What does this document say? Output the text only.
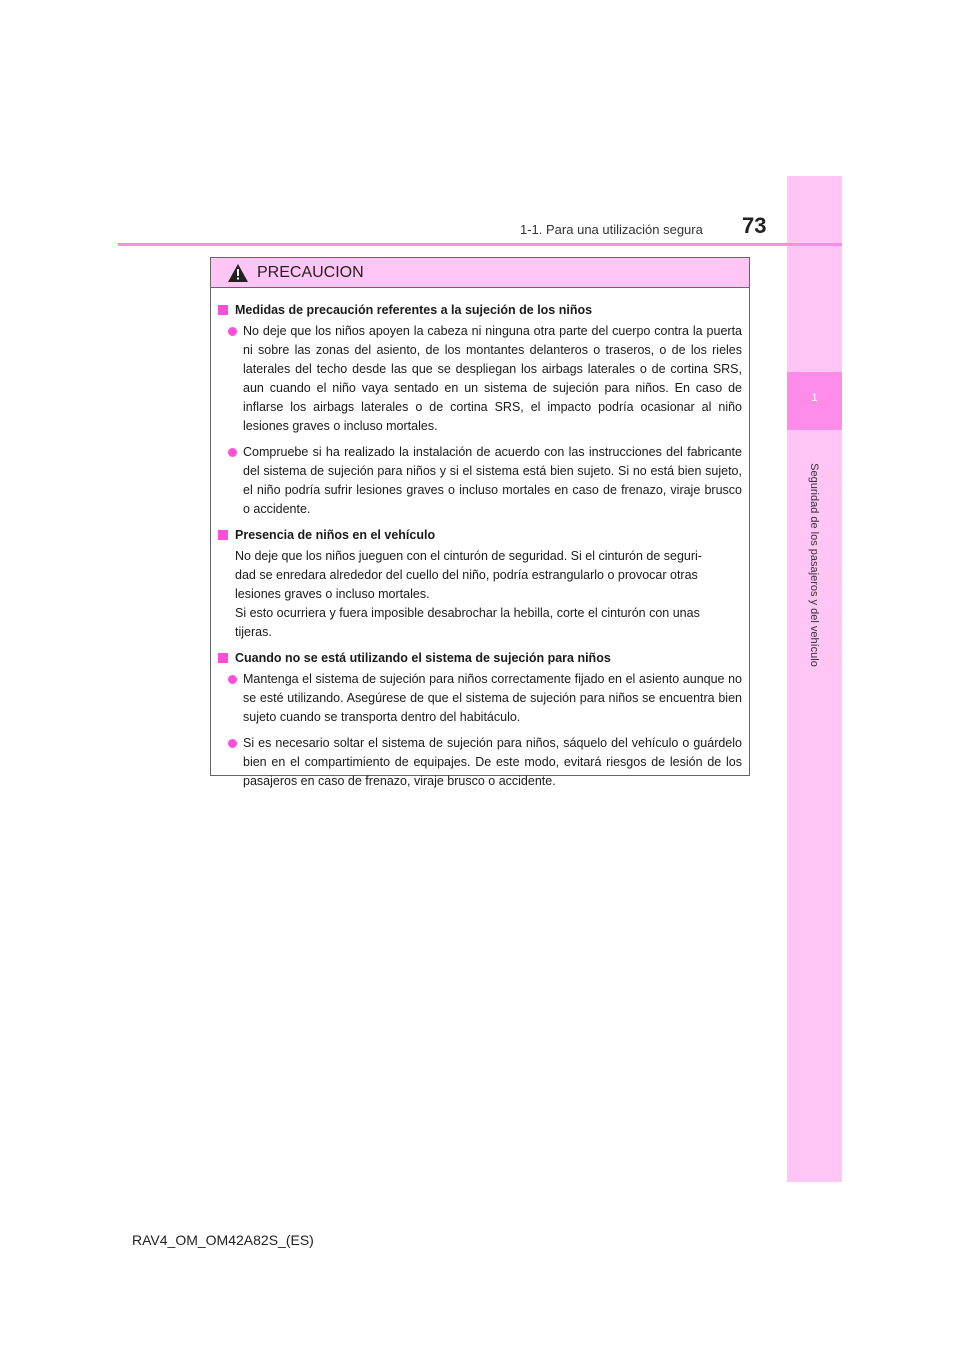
1
Seguridad de los pasajeros y del vehículo
1-1. Para una utilización segura 73
PRECAUCION
Medidas de precaución referentes a la sujeción de los niños
No deje que los niños apoyen la cabeza ni ninguna otra parte del cuerpo contra la puerta ni sobre las zonas del asiento, de los montantes delanteros o traseros, o de los rieles laterales del techo desde las que se despliegan los airbags laterales o de cortina SRS, aun cuando el niño vaya sentado en un sistema de sujeción para niños. En caso de inflarse los airbags laterales o de cortina SRS, el impacto podría ocasionar al niño lesiones graves o incluso mortales.
Compruebe si ha realizado la instalación de acuerdo con las instrucciones del fabricante del sistema de sujeción para niños y si el sistema está bien sujeto. Si no está bien sujeto, el niño podría sufrir lesiones graves o incluso mortales en caso de frenazo, viraje brusco o accidente.
Presencia de niños en el vehículo

No deje que los niños jueguen con el cinturón de seguridad. Si el cinturón de seguri-

dad se enredara alrededor del cuello del niño, podría estrangularlo o provocar otras

lesiones graves o incluso mortales.

Si esto ocurriera y fuera imposible desabrochar la hebilla, corte el cinturón con unas

tijeras.

Cuando no se está utilizando el sistema de sujeción para niños
Mantenga el sistema de sujeción para niños correctamente fijado en el asiento aunque no se esté utilizando. Asegúrese de que el sistema de sujeción para niños se encuentra bien sujeto cuando se transporta dentro del habitáculo.
Si es necesario soltar el sistema de sujeción para niños, sáquelo del vehículo o guárdelo bien en el compartimiento de equipajes. De este modo, evitará riesgos de lesión de los pasajeros en caso de frenazo, viraje brusco o accidente.
RAV4_OM_OM42A82S_(ES)
